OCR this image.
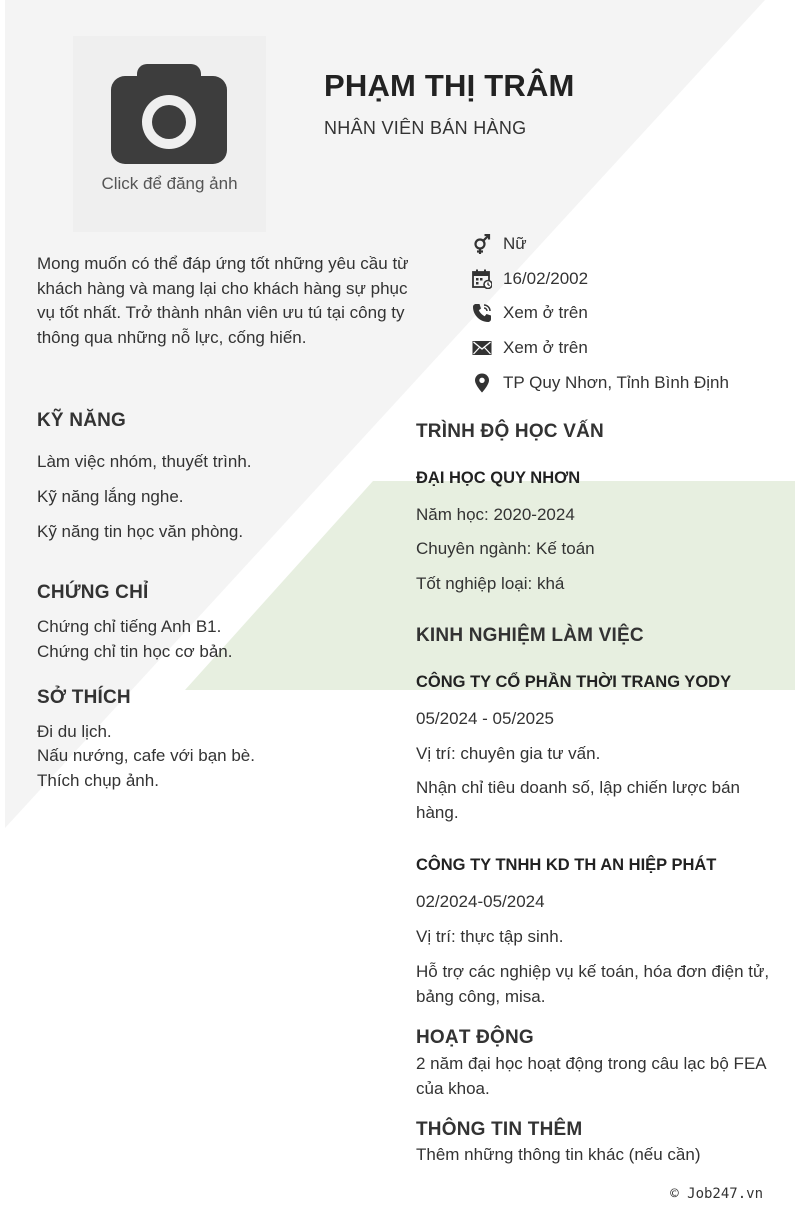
Click để đăng ảnh
PHẠM THỊ TRÂM
NHÂN VIÊN BÁN HÀNG
Mong muốn có thể đáp ứng tốt những yêu cầu từ khách hàng và mang lại cho khách hàng sự phục vụ tốt nhất. Trở thành nhân viên ưu tú tại công ty thông qua những nỗ lực, cống hiến.
Nữ
16/02/2002
Xem ở trên
Xem ở trên
TP Quy Nhơn, Tỉnh Bình Định
KỸ NĂNG
Làm việc nhóm, thuyết trình.
Kỹ năng lắng nghe.
Kỹ năng tin học văn phòng.
CHỨNG CHỈ
Chứng chỉ tiếng Anh B1.
Chứng chỉ tin học cơ bản.
SỞ THÍCH
Đi du lịch.
Nấu nướng, cafe với bạn bè.
Thích chụp ảnh.
TRÌNH ĐỘ HỌC VẤN
ĐẠI HỌC QUY NHƠN
Năm học: 2020-2024
Chuyên ngành: Kế toán
Tốt nghiệp loại: khá
KINH NGHIỆM LÀM VIỆC
CÔNG TY CỔ PHẦN THỜI TRANG YODY
05/2024 - 05/2025
Vị trí: chuyên gia tư vấn.
Nhận chỉ tiêu doanh số, lập chiến lược bán hàng.
CÔNG TY TNHH KD TH AN HIỆP PHÁT
02/2024-05/2024
Vị trí: thực tập sinh.
Hỗ trợ các nghiệp vụ kế toán, hóa đơn điện tử, bảng công, misa.
HOẠT ĐỘNG
2 năm đại học hoạt động trong câu lạc bộ FEA của khoa.
THÔNG TIN THÊM
Thêm những thông tin khác (nếu cần)
© Job247.vn
